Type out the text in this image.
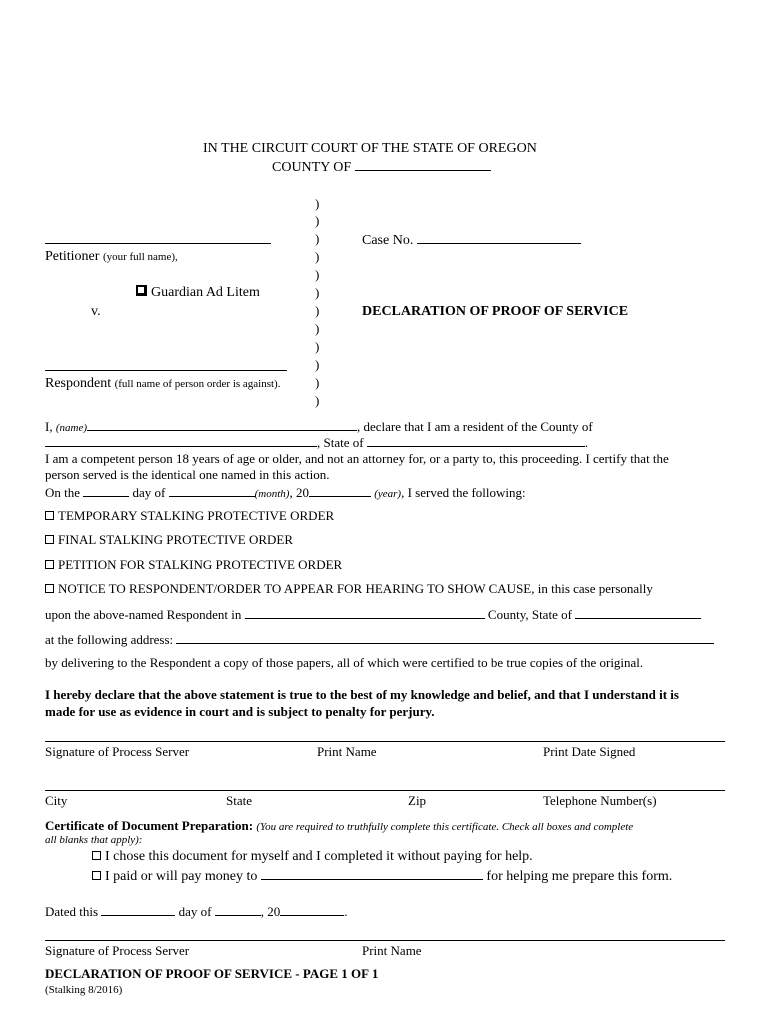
IN THE CIRCUIT COURT OF THE STATE OF OREGON
COUNTY OF
)
)
)
)
)
)
)
)
)
)
)
)
Petitioner (your full name),
Case No.
Guardian Ad Litem
v.	DECLARATION OF PROOF OF SERVICE
Respondent (full name of person order is against).
I, (name)	, declare that I am a resident of the County of
, State of	.
I am a competent person 18 years of age or older, and not an attorney for, or a party to, this proceeding. I certify that the
person served is the identical one named in this action.
On the	day of	(month), 20	(year), I served the following:
TEMPORARY STALKING PROTECTIVE ORDER
FINAL STALKING PROTECTIVE ORDER
PETITION FOR STALKING PROTECTIVE ORDER
NOTICE TO RESPONDENT/ORDER TO APPEAR FOR HEARING TO SHOW CAUSE, in this case personally
upon the above-named Respondent in	County, State of
at the following address:
by delivering to the Respondent a copy of those papers, all of which were certified to be true copies of the original.
I hereby declare that the above statement is true to the best of my knowledge and belief, and that I understand it is
made for use as evidence in court and is subject to penalty for perjury.
Signature of Process Server	Print Name	Print Date Signed
City	State	Zip	Telephone Number(s)
Certificate of Document Preparation: (You are required to truthfully complete this certificate. Check all boxes and complete
all blanks that apply):
I chose this document for myself and I completed it without paying for help.
I paid or will pay money to	for helping me prepare this form.
Dated this	day of	, 20	.
Signature of Process Server	Print Name
DECLARATION OF PROOF OF SERVICE - PAGE 1 OF 1
(Stalking 8/2016)
